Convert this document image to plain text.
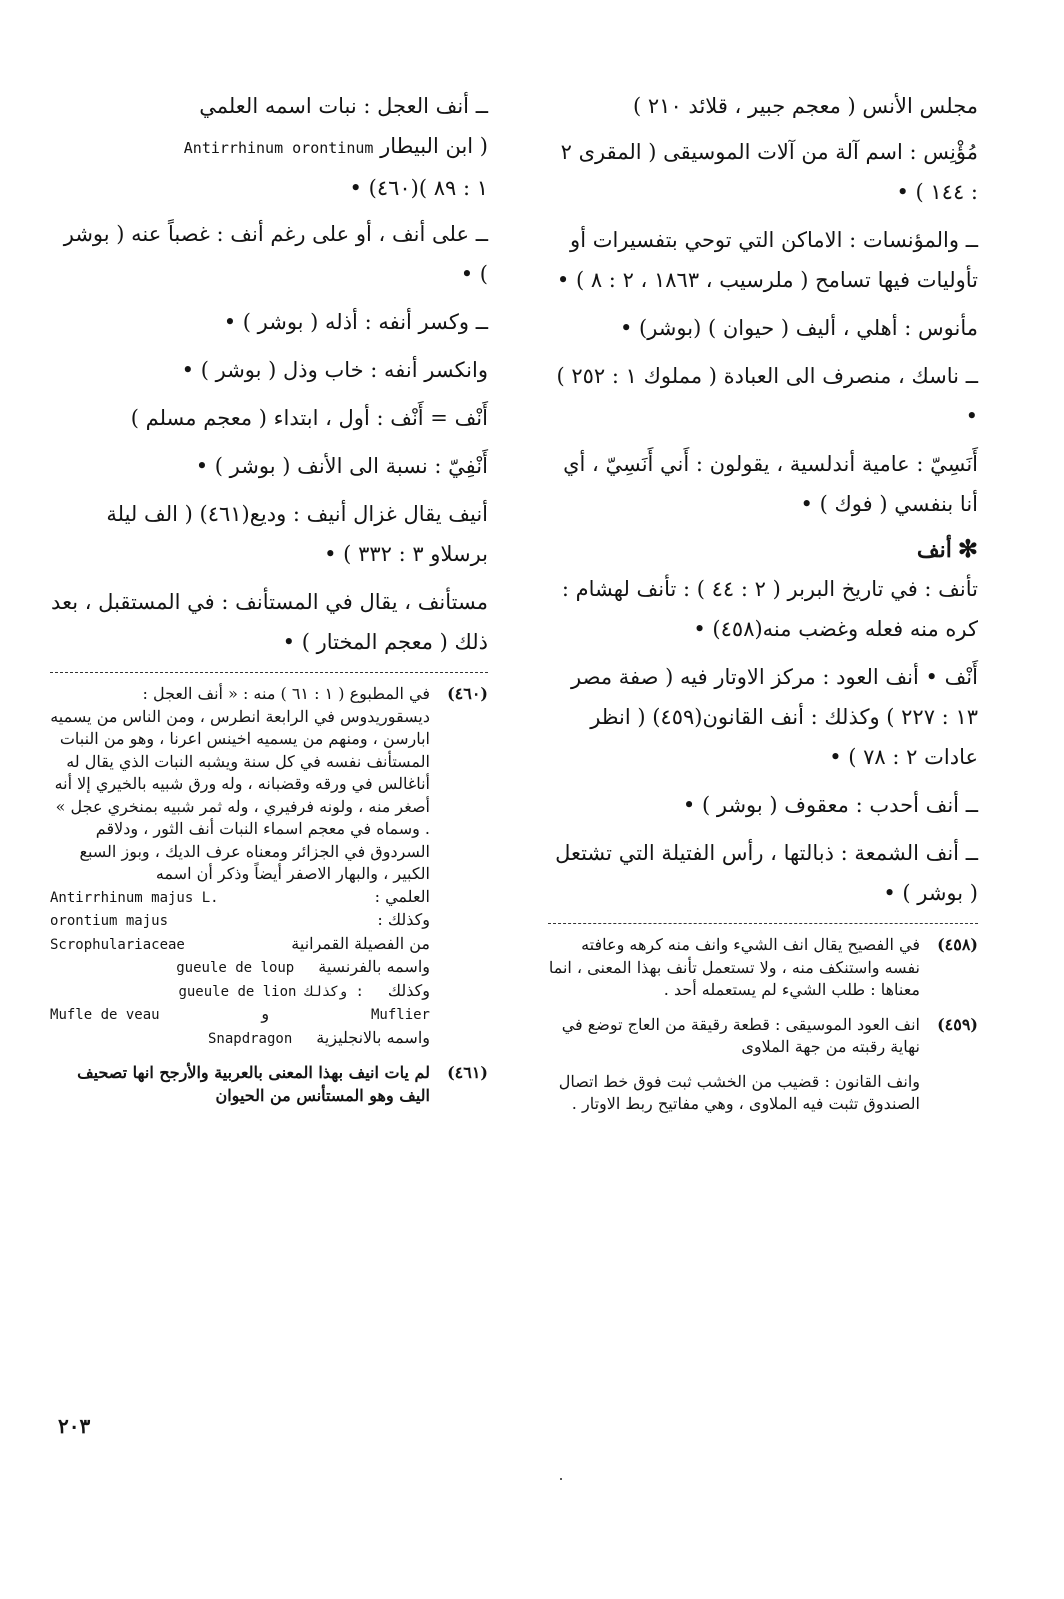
مجلس الأنس ( معجم جبير ، قلائد ٢١٠ )
مُؤْنِس : اسم آلة من آلات الموسيقى ( المقرى ٢ : ١٤٤ ) •
ــ والمؤنسات : الاماكن التي توحي بتفسيرات أو تأوليات فيها تسامح ( ملرسيب ، ١٨٦٣ ، ٢ : ٨ ) •
مأنوس : أهلي ، أليف ( حيوان ) (بوشر) •
ــ ناسك ، منصرف الى العبادة ( مملوك ١ : ٢٥٢ ) •
أَنَسِيّ : عامية أندلسية ، يقولون : أَني أَنَسِيّ ، أي أنا بنفسي ( فوك ) •
✻أنف
تأنف : في تاريخ البربر ( ٢ : ٤٤ ) : تأنف لهشام : كره منه فعله وغضب منه(٤٥٨) •
أَنْف • أنف العود : مركز الاوتار فيه ( صفة مصر ١٣ : ٢٢٧ ) وكذلك : أنف القانون(٤٥٩) ( انظر عادات ٢ : ٧٨ ) •
ــ أنف أحدب : معقوف ( بوشر ) •
ــ أنف الشمعة : ذبالتها ، رأس الفتيلة التي تشتعل ( بوشر ) •
(٤٥٨)
في الفصيح يقال انف الشيء وانف منه كرهه وعافته نفسه واستنكف منه ، ولا تستعمل تأنف بهذا المعنى ، انما معناها : طلب الشيء لم يستعمله أحد .
(٤٥٩)
انف العود الموسيقى : قطعة رقيقة من العاج توضع في نهاية رقبته من جهة الملاوى
وانف القانون : قضيب من الخشب ثبت فوق خط اتصال الصندوق تثبت فيه الملاوى ، وهي مفاتيح ربط الاوتار .
ــ أنف العجل : نبات اسمه العلمي
( ابن البيطار Antirrhinum orontinum
١ : ٨٩ )(٤٦٠) •
ــ على أنف ، أو على رغم أنف : غصباً عنه ( بوشر ) •
ــ وكسر أنفه : أذله ( بوشر ) •
وانكسر أنفه : خاب وذل ( بوشر ) •
أَنْف = أَنْف : أول ، ابتداء ( معجم مسلم )
أَنْفِيّ : نسبة الى الأنف ( بوشر ) •
أنيف يقال غزال أنيف : وديع(٤٦١) ( الف ليلة برسلاو ٣ : ٣٣٢ ) •
مستأنف ، يقال في المستأنف : في المستقبل ، بعد ذلك ( معجم المختار ) •
(٤٦٠)
في المطبوع ( ١ : ٦١ ) منه : « أنف العجل : ديسقوريدوس في الرابعة انطرس ، ومن الناس من يسميه ابارسن ، ومنهم من يسميه اخينس اعرنا ، وهو من النبات المستأنف نفسه في كل سنة ويشبه النبات الذي يقال له أناغالس في ورقه وقضبانه ، وله ورق شبيه بالخيري إلا أنه أصغر منه ، ولونه فرفيري ، وله ثمر شبيه بمنخري عجل » . وسماه في معجم اسماء النبات أنف الثور ، ودلاقم السردوق في الجزائر ومعناه عرف الديك ، وبوز السبع الكبير ، والبهار الاصفر أيضاً وذكر أن اسمه
العلمي :
Antirrhinum majus L.
وكذلك :
orontium majus
من الفصيلة القمرانية
Scrophulariaceae
واسمه بالفرنسية
gueule de loup
وكذلك
gueule de lion وكذلك :
Muflier
و
Mufle de veau
واسمه بالانجليزية
Snapdragon
(٤٦١)
لم يات انيف بهذا المعنى بالعربية والأرجح انها تصحيف اليف وهو المستأنس من الحيوان
٢٠٣
